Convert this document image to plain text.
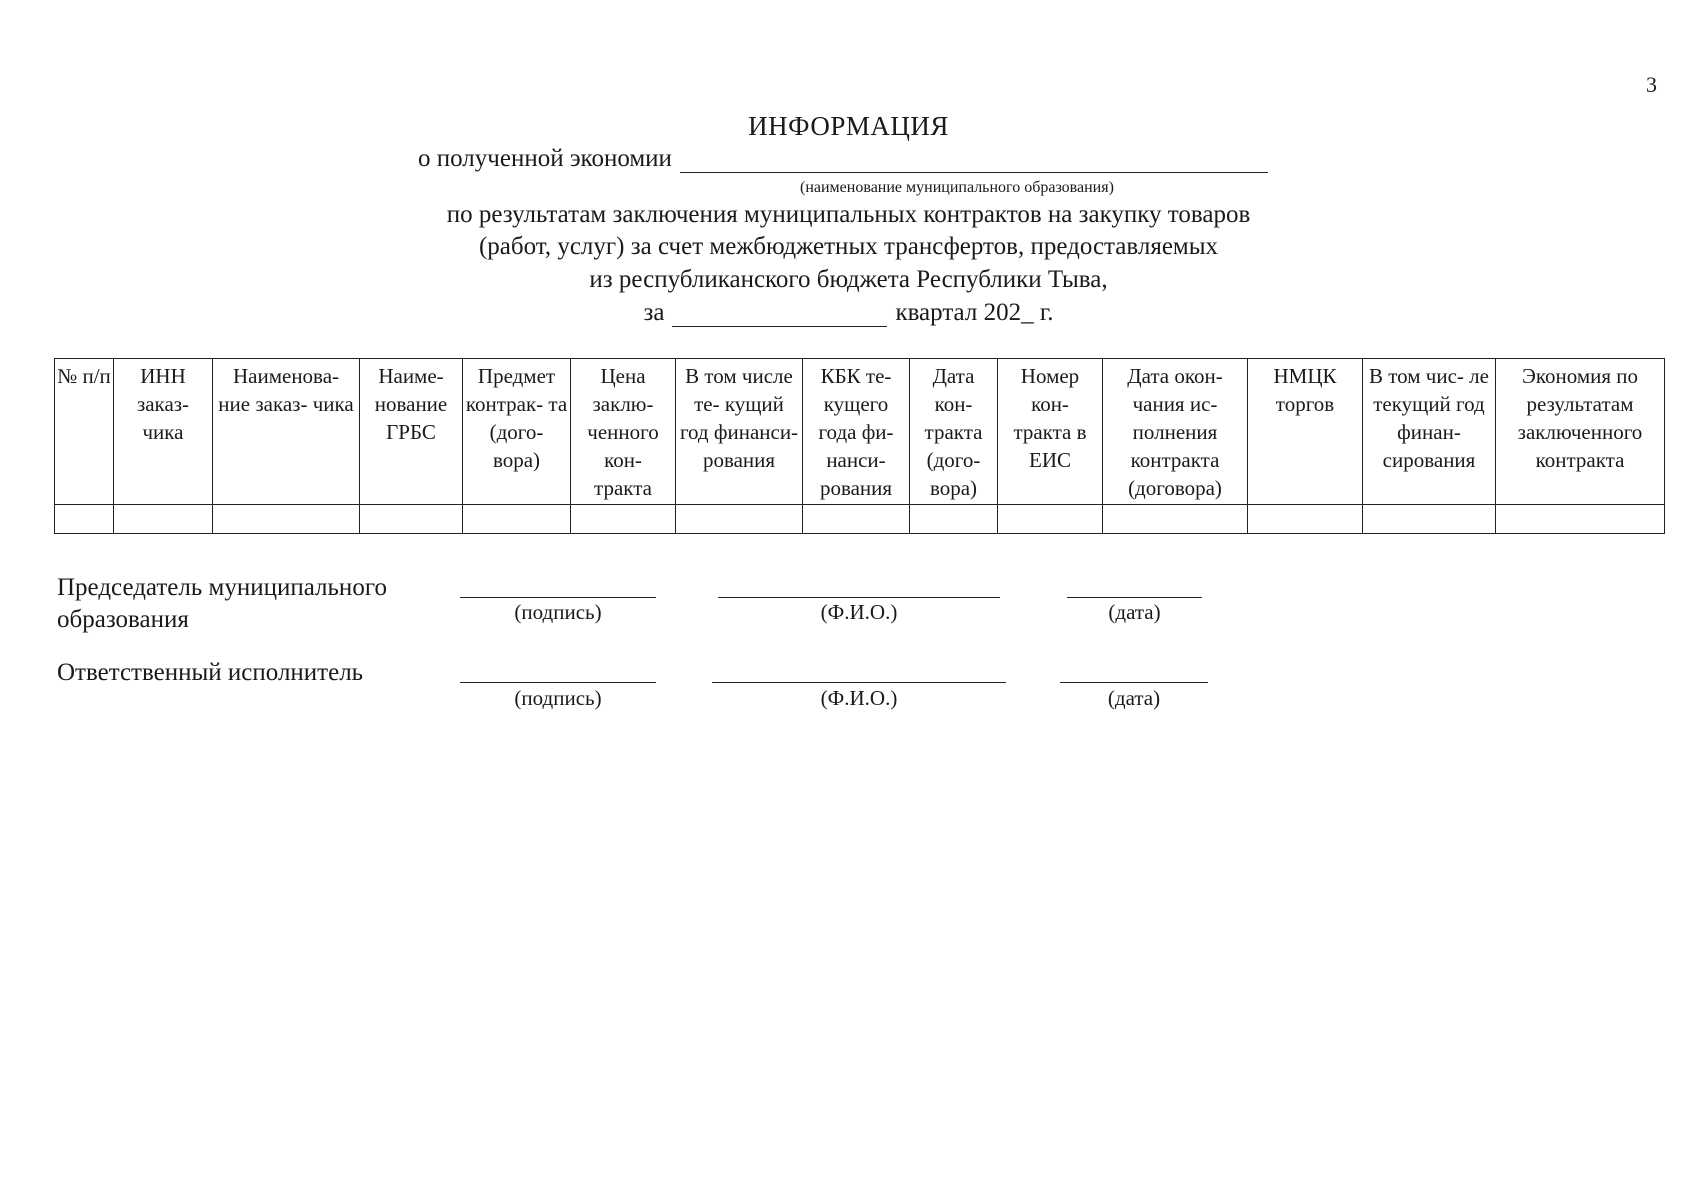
3
ИНФОРМАЦИЯ
о полученной экономии
(наименование муниципального образования)
по результатам заключения муниципальных контрактов на закупку товаров
(работ, услуг) за счет межбюджетных трансфертов, предоставляемых
из республиканского бюджета Республики Тыва,
за	квартал 202_ г.
№ п/п	ИНН заказ- чика	Наименова- ние заказ- чика	Наиме- нование ГРБС	Предмет контрак- та (дого- вора)	Цена заклю- ченного кон- тракта	В том числе те- кущий год финанси- рования	КБК те- кущего года фи- нанси- рования	Дата кон- тракта (дого- вора)	Номер кон- тракта в ЕИС	Дата окон- чания ис- полнения контракта (договора)	НМЦК торгов	В том чис- ле текущий год финан- сирования	Экономия по результатам заключенного контракта

Председатель муниципального
образования	(подпись)	(Ф.И.О.)	(дата)
Ответственный исполнитель
(подпись)	(Ф.И.О.)	(дата)
